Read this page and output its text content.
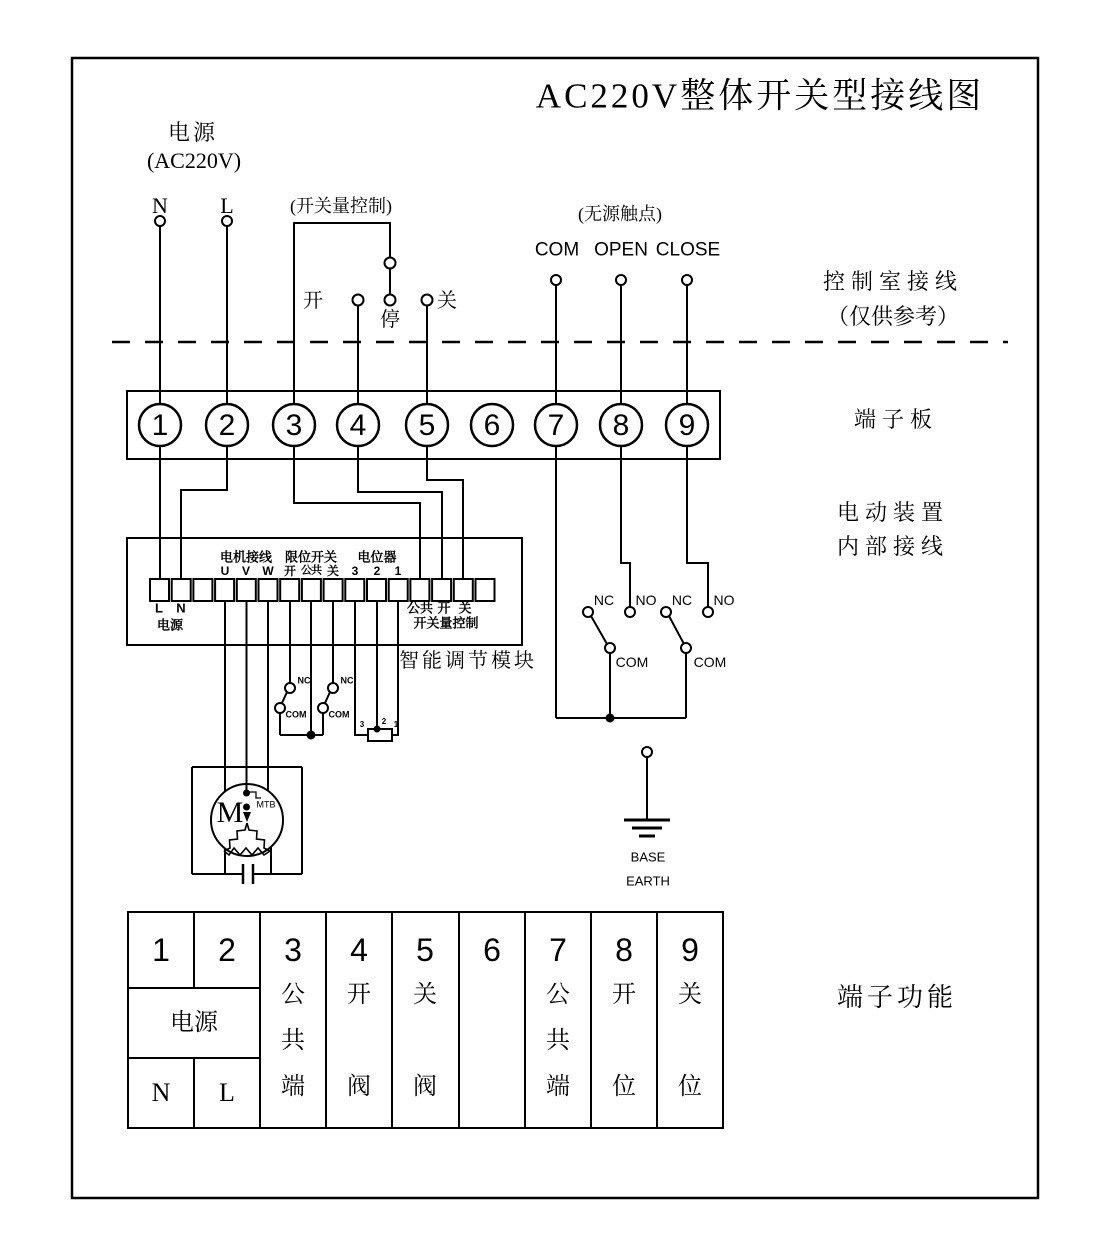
AC220V整体开关型接线图
电源
(AC220V)
N L	(开关量控制)
开
停
关
(无源触点)
COM OPEN CLOSE
控制室接线
（仅供参考）
端子板
电动装置
内部接线
1 2 3 4 5 6 7 8 9
电机接线 限位开关 电位器
U V W 开 公共 关 3 2 1
L N
电源
公共 开 关
开关量控制
智能调节模块
NC
COM
NC
COM
3 2 1
M MTB
NC NO NC NO
COM	COM
BASE
EARTH
1 2 3 4 5 6 7 8 9
电源
N L
公
共
端
开
阀
关
阀
公
共
端
开
位
关
位
端子功能
